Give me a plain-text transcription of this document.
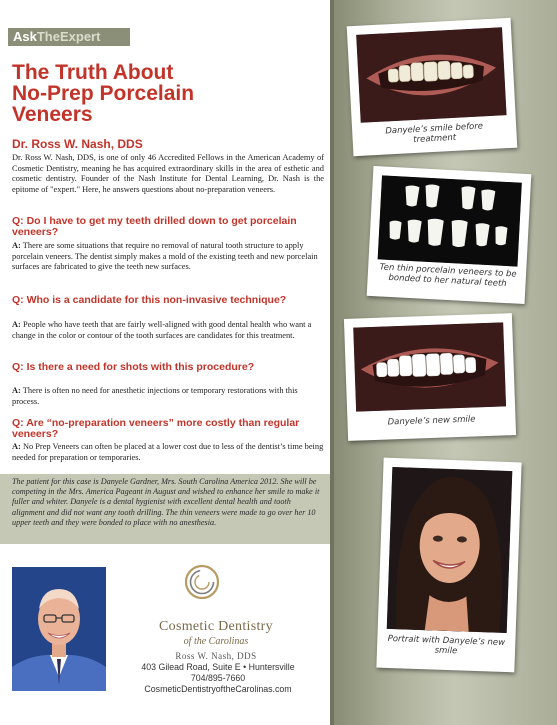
AskTheExpert
The Truth About
No-Prep Porcelain
Veneers
Dr. Ross W. Nash, DDS

Dr. Ross W. Nash, DDS, is one of only 46 Accredited Fellows in the American Academy of Cosmetic Dentistry, meaning he has acquired extraordinary skills in the area of esthetic and cosmetic dentistry. Founder of the Nash Institute for Dental Learning, Dr. Nash is the epitome of "expert." Here, he answers questions about no-preparation veneers.

Q: Do I have to get my teeth drilled down to get porcelain veneers?

A: There are some situations that require no removal of natural tooth structure to apply porcelain veneers. The dentist simply makes a mold of the existing teeth and new porcelain surfaces are fabricated to give the teeth new surfaces.

Q: Who is a candidate for this non-invasive technique?

A: People who have teeth that are fairly well-aligned with good dental health who want a change in the color or contour of the tooth surfaces are candidates for this treatment.

Q: Is there a need for shots with this procedure?

A: There is often no need for anesthetic injections or temporary restorations with this process.

Q: Are “no-preparation veneers” more costly than regular veneers?

A: No Prep Veneers can often be placed at a lower cost due to less of the dentist’s time being needed for preparation or temporaries.

The patient for this case is Danyele Gardner, Mrs. South Carolina America 2012. She will be competing in the Mrs. America Pageant in August and wished to enhance her smile to make it fuller and whiter. Danyele is a dental hygienist with excellent dental health and tooth alignment and did not want any tooth drilling. The thin veneers were made to go over her 10 upper teeth and they were bonded to place with no anesthesia.

Cosmetic Dentistry
of the Carolinas
Ross W. Nash, DDS
403 Gilead Road, Suite E • Huntersville
704/895-7660
CosmeticDentistryoftheCarolinas.com
Danyele’s smile before treatment
Ten thin porcelain veneers to be bonded to her natural teeth
Danyele’s new smile
Portrait with Danyele’s new smile
